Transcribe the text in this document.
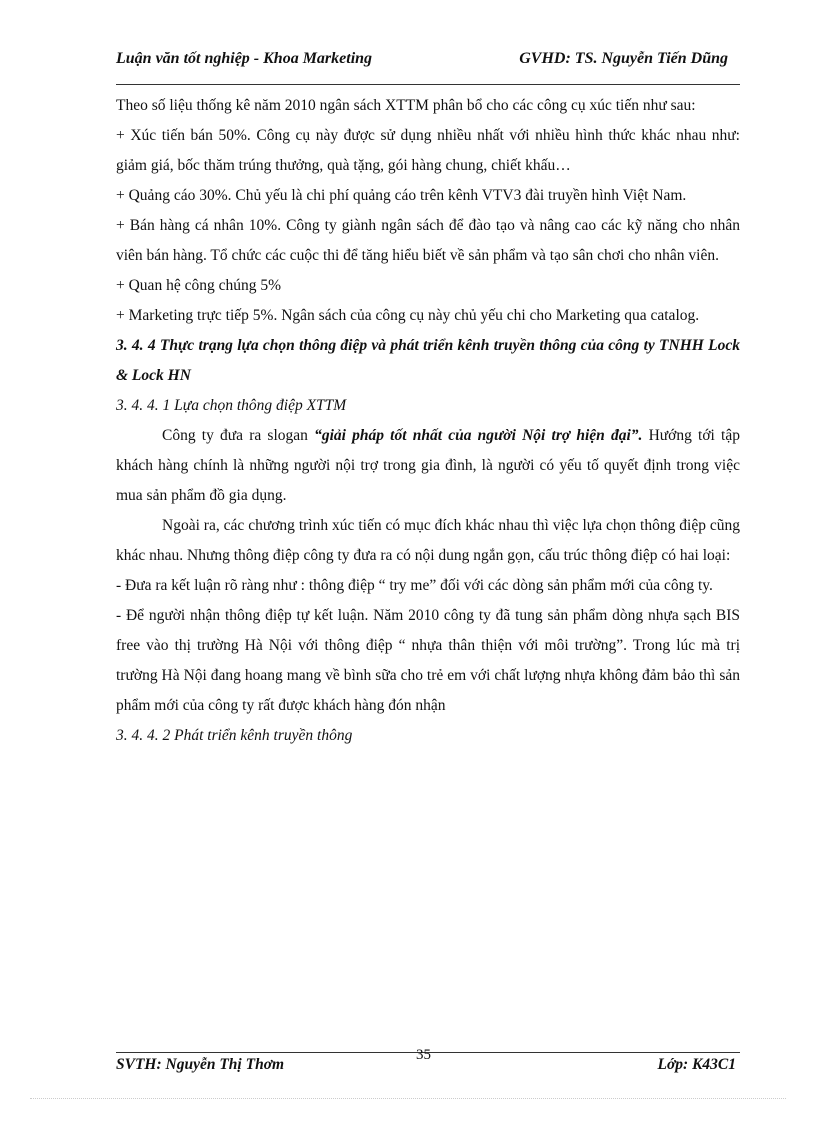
Luận văn tốt nghiệp - Khoa Marketing	GVHD: TS. Nguyễn Tiến Dũng

Theo số liệu thống kê năm 2010 ngân sách XTTM phân bổ cho các công cụ xúc tiến như sau:

+ Xúc tiến bán 50%. Công cụ này được sử dụng nhiều nhất với nhiều hình thức khác nhau như: giảm giá, bốc thăm trúng thưởng, quà tặng, gói hàng chung, chiết khấu…

+ Quảng cáo 30%. Chủ yếu là chi phí quảng cáo trên kênh VTV3 đài truyền hình Việt Nam.

+ Bán hàng cá nhân 10%. Công ty giành ngân sách để đào tạo và nâng cao các kỹ năng cho nhân viên bán hàng. Tổ chức các cuộc thi để tăng hiểu biết về sản phẩm và tạo sân chơi cho nhân viên.

+ Quan hệ công chúng 5%

+ Marketing trực tiếp 5%. Ngân sách của công cụ này chủ yếu chi cho Marketing qua catalog.

3. 4. 4 Thực trạng lựa chọn thông điệp và phát triển kênh truyền thông của công ty TNHH Lock & Lock HN

3. 4. 4. 1 Lựa chọn thông điệp XTTM

Công ty đưa ra slogan “giải pháp tốt nhất của người Nội trợ hiện đại”. Hướng tới tập khách hàng chính là những người nội trợ trong gia đình, là người có yếu tố quyết định trong việc mua sản phẩm đồ gia dụng.

Ngoài ra, các chương trình xúc tiến có mục đích khác nhau thì việc lựa chọn thông điệp cũng khác nhau. Nhưng thông điệp công ty đưa ra có nội dung ngắn gọn, cấu trúc thông điệp có hai loại:

- Đưa ra kết luận rõ ràng như : thông điệp “ try me” đối với các dòng sản phẩm mới của công ty.

- Để người nhận thông điệp tự kết luận. Năm 2010 công ty đã tung sản phẩm dòng nhựa sạch BIS free vào thị trường Hà Nội với thông điệp “ nhựa thân thiện với môi trường”. Trong lúc mà trị trường Hà Nội đang hoang mang về bình sữa cho trẻ em với chất lượng nhựa không đảm bảo thì sản phẩm mới của công ty rất được khách hàng đón nhận

3. 4. 4. 2 Phát triển kênh truyền thông

SVTH: Nguyễn Thị Thơm
35
Lớp: K43C1
